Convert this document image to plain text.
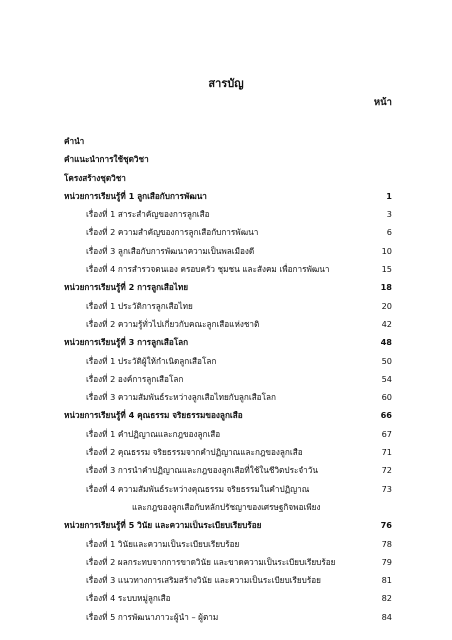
สารบัญ
หน้า
คำนำ
คำแนะนำการใช้ชุดวิชา
โครงสร้างชุดวิชา
หน่วยการเรียนรู้ที่ 1 ลูกเสือกับการพัฒนา	1
เรื่องที่ 1 สาระสำคัญของการลูกเสือ	3
เรื่องที่ 2 ความสำคัญของการลูกเสือกับการพัฒนา	6
เรื่องที่ 3 ลูกเสือกับการพัฒนาความเป็นพลเมืองดี	10
เรื่องที่ 4 การสำรวจตนเอง ครอบครัว ชุมชน และสังคม เพื่อการพัฒนา	15
หน่วยการเรียนรู้ที่ 2 การลูกเสือไทย	18
เรื่องที่ 1 ประวัติการลูกเสือไทย	20
เรื่องที่ 2 ความรู้ทั่วไปเกี่ยวกับคณะลูกเสือแห่งชาติ	42
หน่วยการเรียนรู้ที่ 3 การลูกเสือโลก	48
เรื่องที่ 1 ประวัติผู้ให้กำเนิดลูกเสือโลก	50
เรื่องที่ 2 องค์การลูกเสือโลก	54
เรื่องที่ 3 ความสัมพันธ์ระหว่างลูกเสือไทยกับลูกเสือโลก	60
หน่วยการเรียนรู้ที่ 4 คุณธรรม จริยธรรมของลูกเสือ	66
เรื่องที่ 1 คำปฏิญาณและกฎของลูกเสือ	67
เรื่องที่ 2 คุณธรรม จริยธรรมจากคำปฏิญาณและกฎของลูกเสือ	71
เรื่องที่ 3 การนำคำปฏิญาณและกฎของลูกเสือที่ใช้ในชีวิตประจำวัน	72
เรื่องที่ 4 ความสัมพันธ์ระหว่างคุณธรรม จริยธรรมในคำปฏิญาณ	73
และกฎของลูกเสือกับหลักปรัชญาของเศรษฐกิจพอเพียง
หน่วยการเรียนรู้ที่ 5 วินัย และความเป็นระเบียบเรียบร้อย	76
เรื่องที่ 1 วินัยและความเป็นระเบียบเรียบร้อย	78
เรื่องที่ 2 ผลกระทบจากการขาดวินัย และขาดความเป็นระเบียบเรียบร้อย	79
เรื่องที่ 3 แนวทางการเสริมสร้างวินัย และความเป็นระเบียบเรียบร้อย	81
เรื่องที่ 4 ระบบหมู่ลูกเสือ	82
เรื่องที่ 5 การพัฒนาภาวะผู้นำ – ผู้ตาม	84
